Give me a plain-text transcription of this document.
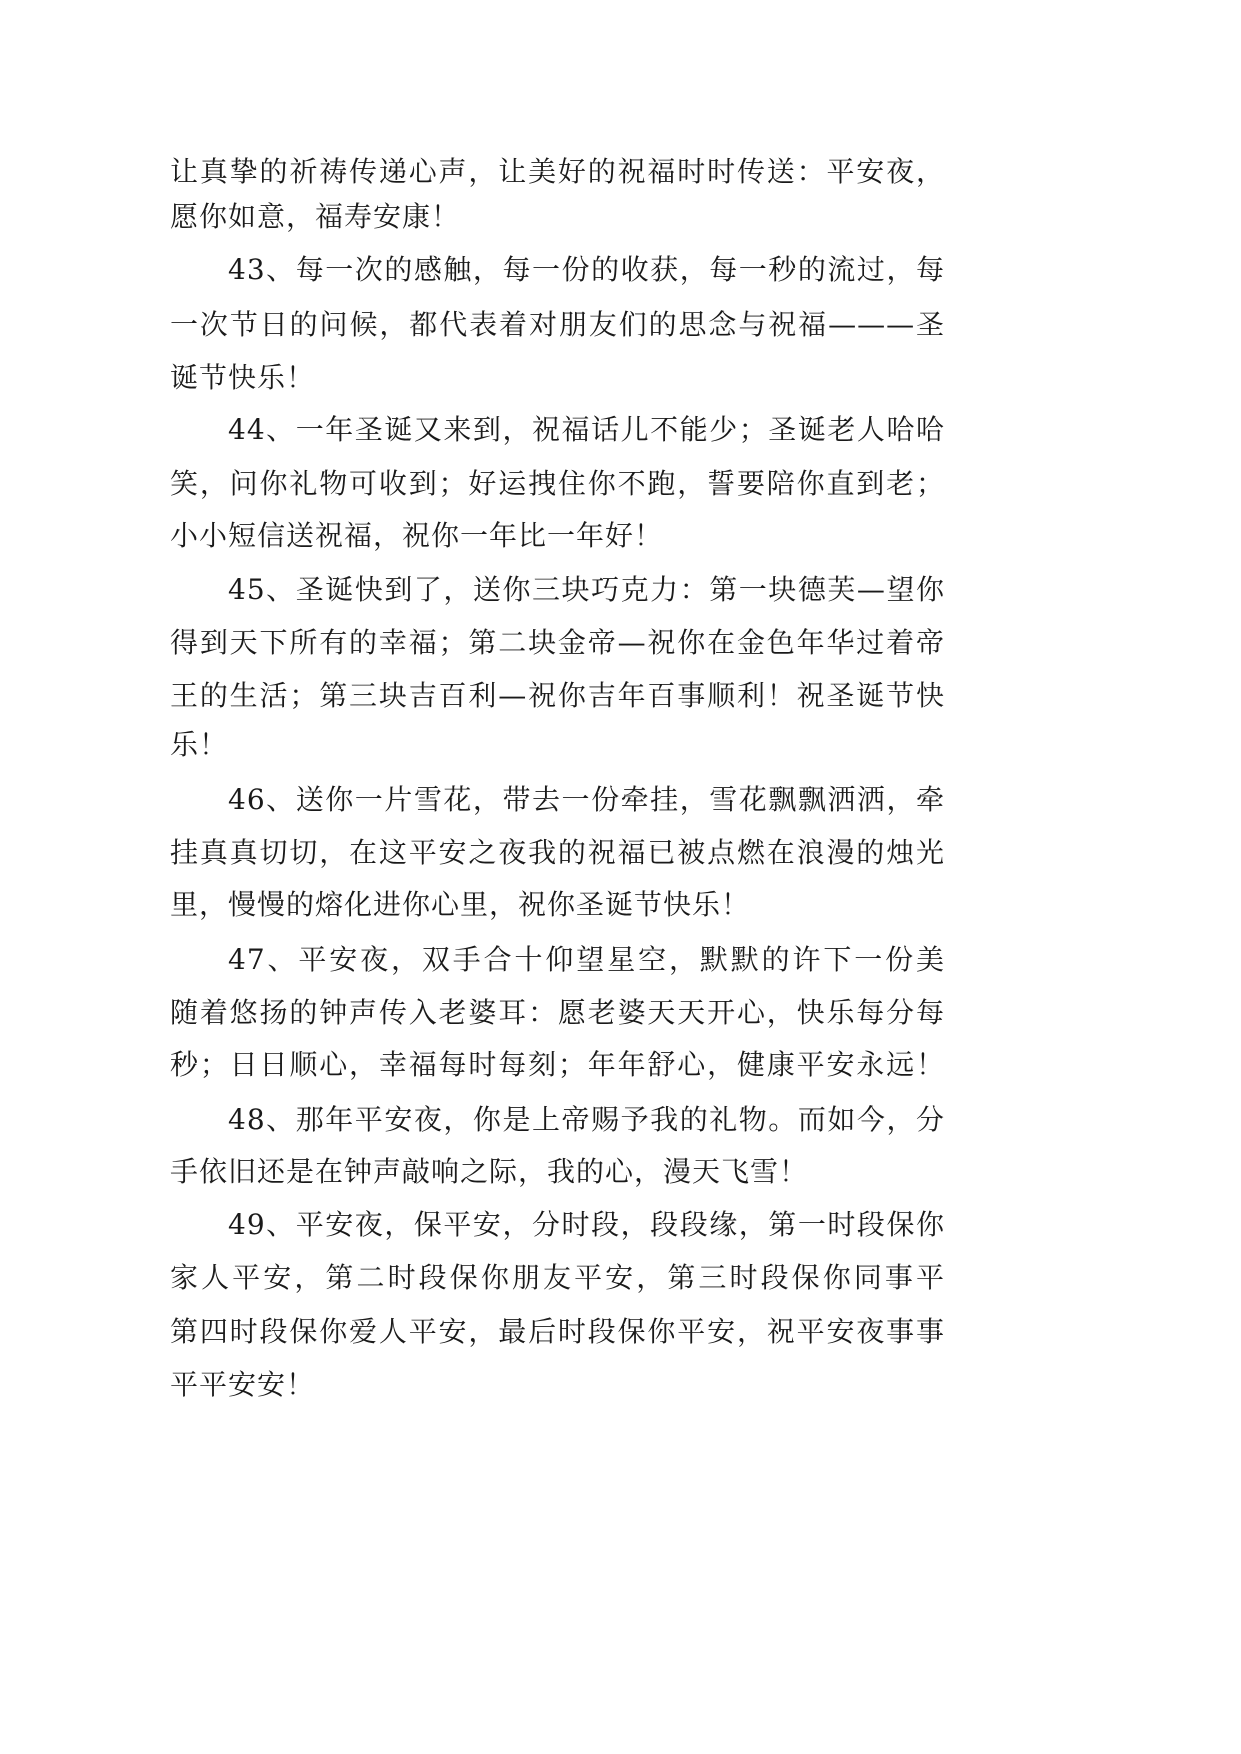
让真挚的祈祷传递心声，让美好的祝福时时传送：平安夜，
愿你如意，福寿安康！
43、每一次的感触，每一份的收获，每一秒的流过，每
一次节日的问候，都代表着对朋友们的思念与祝福———圣
诞节快乐！
44、一年圣诞又来到，祝福话儿不能少；圣诞老人哈哈
笑，问你礼物可收到；好运拽住你不跑，誓要陪你直到老；
小小短信送祝福，祝你一年比一年好！
45、圣诞快到了，送你三块巧克力：第一块德芙—望你
得到天下所有的幸福；第二块金帝—祝你在金色年华过着帝
王的生活；第三块吉百利—祝你吉年百事顺利！祝圣诞节快
乐！
46、送你一片雪花，带去一份牵挂，雪花飘飘洒洒，牵
挂真真切切，在这平安之夜我的祝福已被点燃在浪漫的烛光
里，慢慢的熔化进你心里，祝你圣诞节快乐！
47、平安夜，双手合十仰望星空，默默的许下一份美
随着悠扬的钟声传入老婆耳：愿老婆天天开心，快乐每分每
秒；日日顺心，幸福每时每刻；年年舒心，健康平安永远！
48、那年平安夜，你是上帝赐予我的礼物。而如今，分
手依旧还是在钟声敲响之际，我的心，漫天飞雪！
49、平安夜，保平安，分时段，段段缘，第一时段保你
家人平安，第二时段保你朋友平安，第三时段保你同事平
第四时段保你爱人平安，最后时段保你平安，祝平安夜事事
平平安安！
